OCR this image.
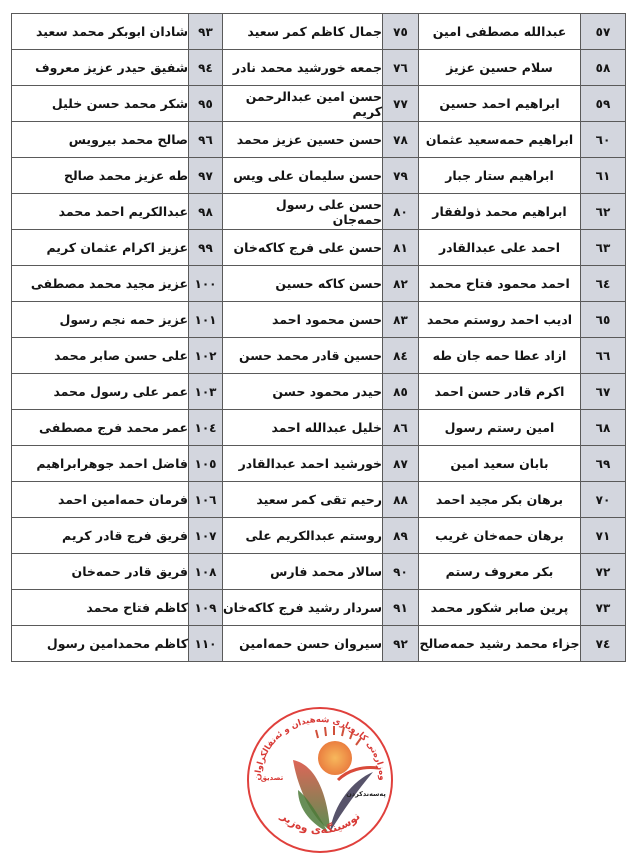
شادان ابوبكر محمد سعيد	٩٣	جمال كاظم كمر سعيد	٧٥	عبدالله مصطفى امين	٥٧
شفيق حيدر عزيز معروف	٩٤	جمعه خورشيد محمد نادر	٧٦	سلام حسين عزيز	٥٨
شكر محمد حسن خليل	٩٥	حسن امين عبدالرحمن كريم	٧٧	ابراهيم احمد حسين	٥٩
صالح محمد بيرويس	٩٦	حسن حسين عزيز محمد	٧٨	ابراهيم حمەسعيد عثمان	٦٠
طه عزيز محمد صالح	٩٧	حسن سليمان على ويس	٧٩	ابراهيم ستار جبار	٦١
عبدالكريم احمد محمد	٩٨	حسن على رسول حمەجان	٨٠	ابراهيم محمد ذولفقار	٦٢
عزيز اكرام عثمان كريم	٩٩	حسن على فرج كاكەخان	٨١	احمد على عبدالقادر	٦٣
عزيز مجيد محمد مصطفى	١٠٠	حسن كاكه حسين	٨٢	احمد محمود فتاح محمد	٦٤
عزيز حمه نجم رسول	١٠١	حسن محمود احمد	٨٣	اديب احمد روستم محمد	٦٥
على حسن صابر محمد	١٠٢	حسين قادر محمد حسن	٨٤	ازاد عطا حمه جان طه	٦٦
عمر على رسول محمد	١٠٣	حيدر محمود حسن	٨٥	اكرم قادر حسن احمد	٦٧
عمر محمد فرج مصطفى	١٠٤	خليل عبدالله احمد	٨٦	امين رستم رسول	٦٨
فاضل احمد جوهرابراهيم	١٠٥	خورشيد احمد عبدالقادر	٨٧	بابان سعيد امين	٦٩
فرمان حمەامين احمد	١٠٦	رحيم تقى كمر سعيد	٨٨	برهان بكر مجيد احمد	٧٠
فريق فرج قادر كريم	١٠٧	روستم عبدالكريم على	٨٩	برهان حمەخان غريب	٧١
فريق قادر حمەخان	١٠٨	سالار محمد فارس	٩٠	بكر معروف رستم	٧٢
كاظم فتاح محمد	١٠٩	سردار رشيد فرج كاكەخان	٩١	پرين صابر شكور محمد	٧٣
كاظم محمدامين رسول	١١٠	سيروان حسن حمەامين	٩٢	جزاء محمد رشيد حمەصالح	٧٤
وەزارەتی کاروباری شەهیدان و ئەنفالکراوان
نوسینگەی وەزیر
تصديق
پەسەندکردن
